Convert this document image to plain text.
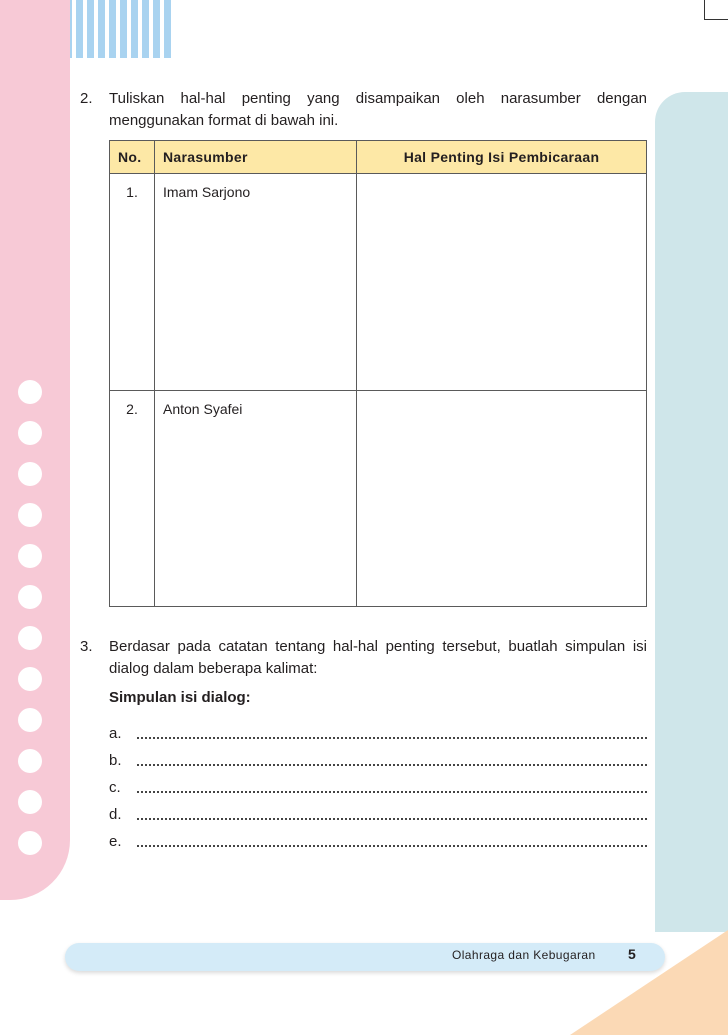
2. Tuliskan hal-hal penting yang disampaikan oleh narasumber dengan menggunakan format di bawah ini.

No.	Narasumber	Hal Penting Isi Pembicaraan
1.	Imam Sarjono	
2.	Anton Syafei	
3. Berdasar pada catatan tentang hal-hal penting tersebut, buatlah simpulan isi dialog dalam beberapa kalimat:

Simpulan isi dialog:
a.
b.
c.
d.
e.
Olahraga dan Kebugaran 5
